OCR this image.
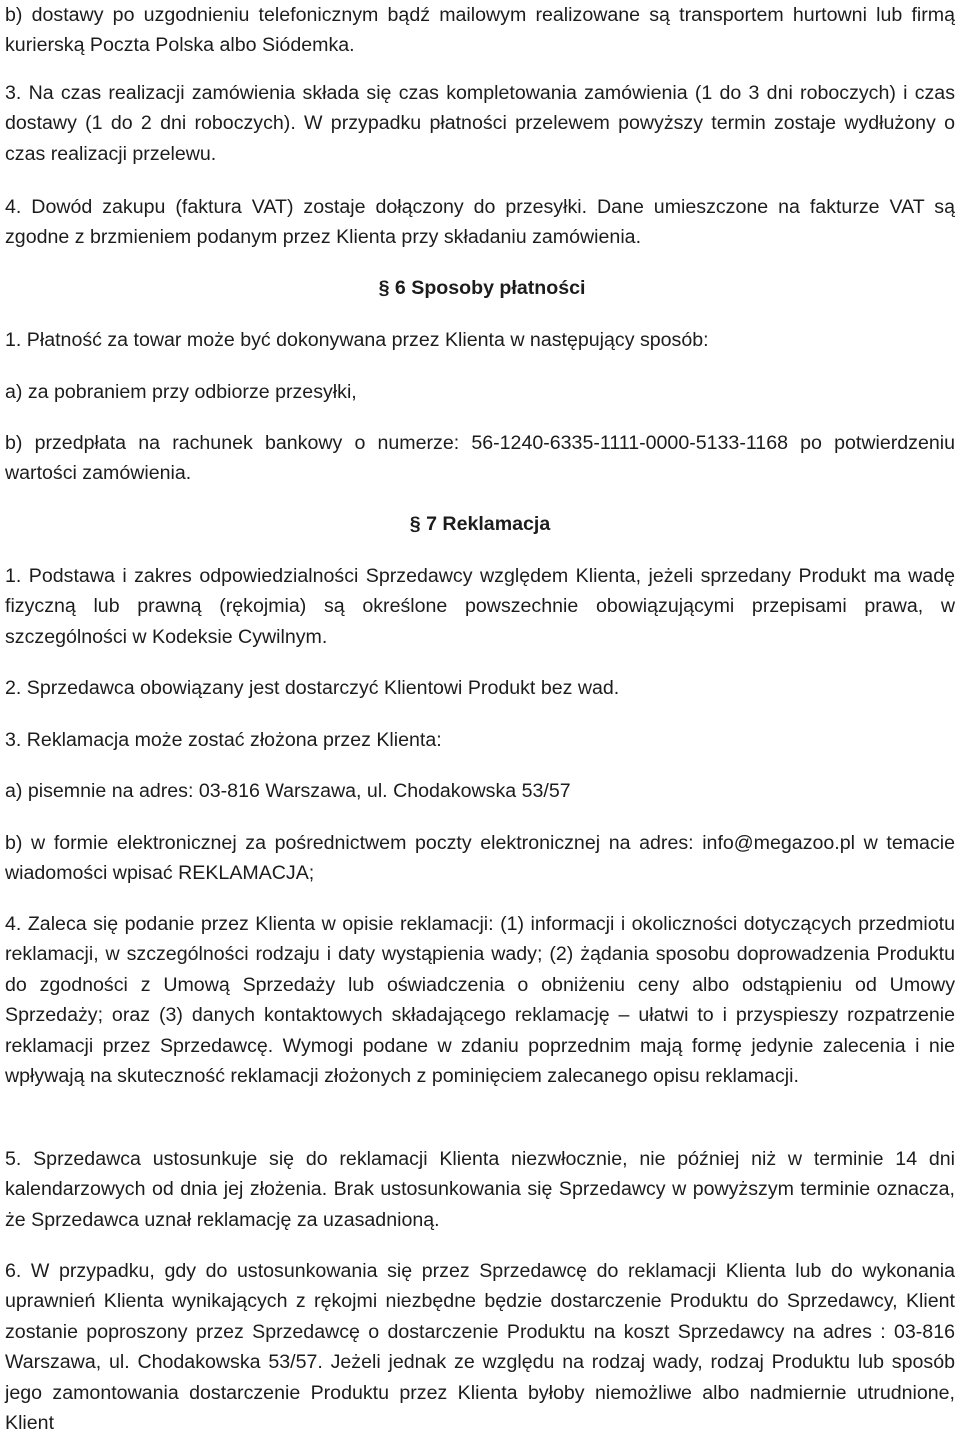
b) dostawy po uzgodnieniu telefonicznym bądź mailowym realizowane są transportem hurtowni lub firmą kurierską Poczta Polska albo Siódemka.

3. Na czas realizacji zamówienia składa się czas kompletowania zamówienia (1 do 3 dni roboczych) i czas dostawy (1 do 2 dni roboczych). W przypadku płatności przelewem powyższy termin zostaje wydłużony o czas realizacji przelewu.

4. Dowód zakupu (faktura VAT) zostaje dołączony do przesyłki. Dane umieszczone na fakturze VAT są zgodne z brzmieniem podanym przez Klienta przy składaniu zamówienia.

§ 6 Sposoby płatności

1. Płatność za towar może być dokonywana przez Klienta w następujący sposób:

a) za pobraniem przy odbiorze przesyłki,

b) przedpłata na rachunek bankowy o numerze: 56-1240-6335-1111-0000-5133-1168 po potwierdzeniu wartości zamówienia.

§ 7 Reklamacja

1. Podstawa i zakres odpowiedzialności Sprzedawcy względem Klienta, jeżeli sprzedany Produkt ma wadę fizyczną lub prawną (rękojmia) są określone powszechnie obowiązującymi przepisami prawa, w szczególności w Kodeksie Cywilnym.

2. Sprzedawca obowiązany jest dostarczyć Klientowi Produkt bez wad.

3. Reklamacja może zostać złożona przez Klienta:

a) pisemnie na adres: 03-816 Warszawa, ul. Chodakowska 53/57

b) w formie elektronicznej za pośrednictwem poczty elektronicznej na adres: info@megazoo.pl w temacie wiadomości wpisać REKLAMACJA;

4. Zaleca się podanie przez Klienta w opisie reklamacji: (1) informacji i okoliczności dotyczących przedmiotu reklamacji, w szczególności rodzaju i daty wystąpienia wady; (2) żądania sposobu doprowadzenia Produktu do zgodności z Umową Sprzedaży lub oświadczenia o obniżeniu ceny albo odstąpieniu od Umowy Sprzedaży; oraz (3) danych kontaktowych składającego reklamację – ułatwi to i przyspieszy rozpatrzenie reklamacji przez Sprzedawcę. Wymogi podane w zdaniu poprzednim mają formę jedynie zalecenia i nie wpływają na skuteczność reklamacji złożonych z pominięciem zalecanego opisu reklamacji.

5. Sprzedawca ustosunkuje się do reklamacji Klienta niezwłocznie, nie później niż w terminie 14 dni kalendarzowych od dnia jej złożenia. Brak ustosunkowania się Sprzedawcy w powyższym terminie oznacza, że Sprzedawca uznał reklamację za uzasadnioną.

6. W przypadku, gdy do ustosunkowania się przez Sprzedawcę do reklamacji Klienta lub do wykonania uprawnień Klienta wynikających z rękojmi niezbędne będzie dostarczenie Produktu do Sprzedawcy, Klient zostanie poproszony przez Sprzedawcę o dostarczenie Produktu na koszt Sprzedawcy na adres : 03-816 Warszawa, ul. Chodakowska 53/57. Jeżeli jednak ze względu na rodzaj wady, rodzaj Produktu lub sposób jego zamontowania dostarczenie Produktu przez Klienta byłoby niemożliwe albo nadmiernie utrudnione, Klient
